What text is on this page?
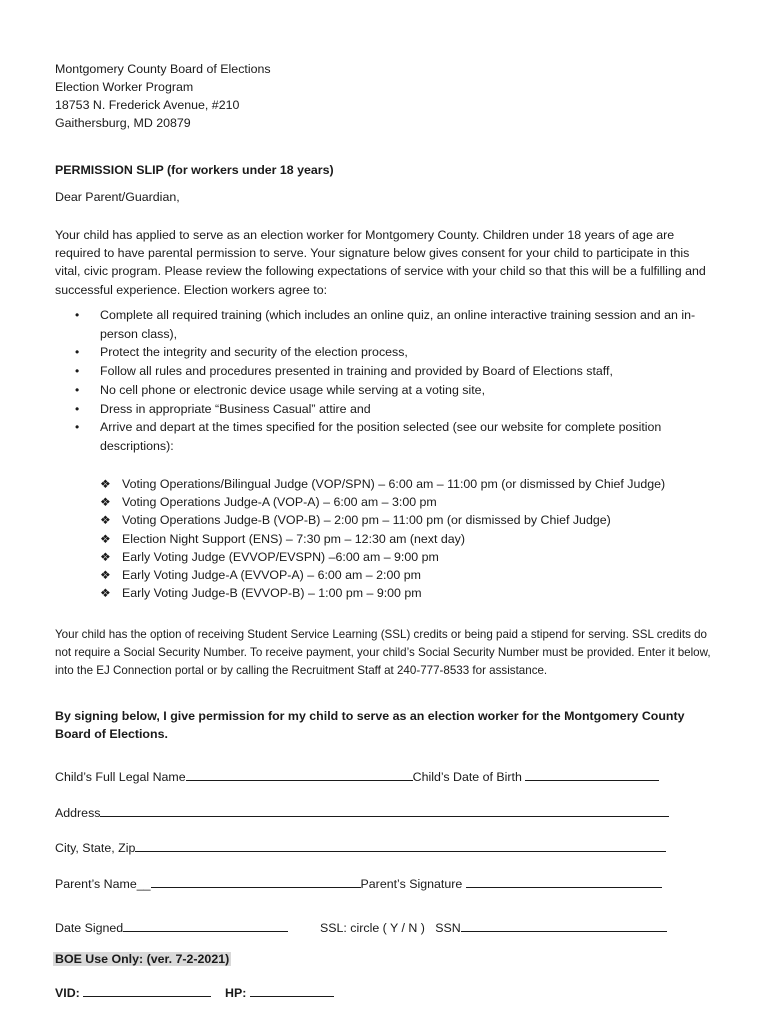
Montgomery County Board of Elections
Election Worker Program
18753 N. Frederick Avenue, #210
Gaithersburg, MD 20879
PERMISSION SLIP (for workers under 18 years)
Dear Parent/Guardian,
Your child has applied to serve as an election worker for Montgomery County. Children under 18 years of age are required to have parental permission to serve. Your signature below gives consent for your child to participate in this vital, civic program. Please review the following expectations of service with your child so that this will be a fulfilling and successful experience. Election workers agree to:
• Complete all required training (which includes an online quiz, an online interactive training session and an in-person class),
• Protect the integrity and security of the election process,
• Follow all rules and procedures presented in training and provided by Board of Elections staff,
• No cell phone or electronic device usage while serving at a voting site,
• Dress in appropriate “Business Casual” attire and
• Arrive and depart at the times specified for the position selected (see our website for complete position descriptions):
❖ Voting Operations/Bilingual Judge (VOP/SPN) – 6:00 am – 11:00 pm (or dismissed by Chief Judge)
❖ Voting Operations Judge-A (VOP-A) – 6:00 am – 3:00 pm
❖ Voting Operations Judge-B (VOP-B) – 2:00 pm – 11:00 pm (or dismissed by Chief Judge)
❖ Election Night Support (ENS) – 7:30 pm – 12:30 am (next day)
❖ Early Voting Judge (EVVOP/EVSPN) –6:00 am – 9:00 pm
❖ Early Voting Judge-A (EVVOP-A) – 6:00 am – 2:00 pm
❖ Early Voting Judge-B (EVVOP-B) – 1:00 pm – 9:00 pm
Your child has the option of receiving Student Service Learning (SSL) credits or being paid a stipend for serving. SSL credits do not require a Social Security Number. To receive payment, your child’s Social Security Number must be provided. Enter it below, into the EJ Connection portal or by calling the Recruitment Staff at 240-777-8533 for assistance.
By signing below, I give permission for my child to serve as an election worker for the Montgomery County Board of Elections.
Child’s Full Legal Name	Child’s Date of Birth
Address
City, State, Zip
Parent’s Name__	Parent’s Signature
Date Signed	SSL: circle ( Y / N ) SSN
BOE Use Only: (ver. 7-2-2021)
VID:	HP:
